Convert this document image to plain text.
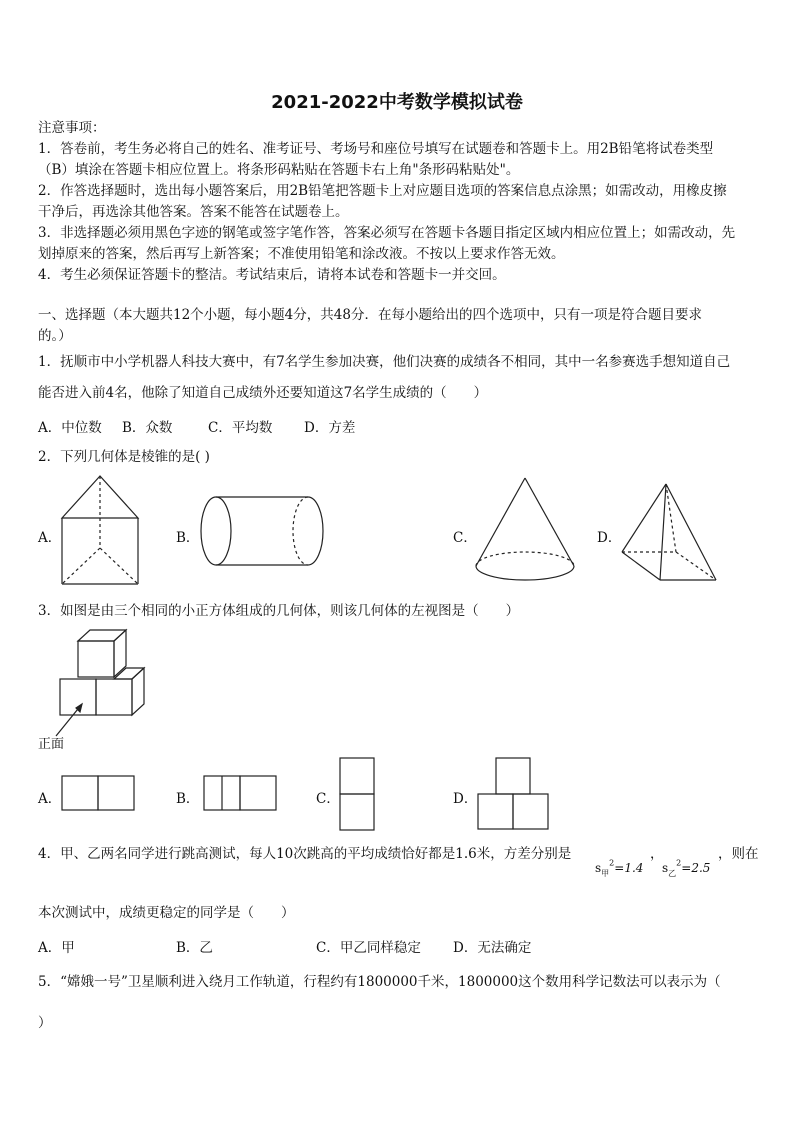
2021-2022中考数学模拟试卷
注意事项：
1．答卷前，考生务必将自己的姓名、准考证号、考场号和座位号填写在试题卷和答题卡上。用2B铅笔将试卷类型
（B）填涂在答题卡相应位置上。将条形码粘贴在答题卡右上角"条形码粘贴处"。
2．作答选择题时，选出每小题答案后，用2B铅笔把答题卡上对应题目选项的答案信息点涂黑；如需改动，用橡皮擦
干净后，再选涂其他答案。答案不能答在试题卷上。
3．非选择题必须用黑色字迹的钢笔或签字笔作答，答案必须写在答题卡各题目指定区域内相应位置上；如需改动，先
划掉原来的答案，然后再写上新答案；不准使用铅笔和涂改液。不按以上要求作答无效。
4．考生必须保证答题卡的整洁。考试结束后，请将本试卷和答题卡一并交回。
一、选择题（本大题共12个小题，每小题4分，共48分．在每小题给出的四个选项中，只有一项是符合题目要求
的。）
1．抚顺市中小学机器人科技大赛中，有7名学生参加决赛，他们决赛的成绩各不相同，其中一名参赛选手想知道自己
能否进入前4名，他除了知道自己成绩外还要知道这7名学生成绩的（　　）
A．中位数 B．众数	C．平均数 D．方差
2．下列几何体是棱锥的是( )
A．	B．	C．	D．
3．如图是由三个相同的小正方体组成的几何体，则该几何体的左视图是（　　）
正面
A．	B．	C．	D．
4．甲、乙两名同学进行跳高测试，每人10次跳高的平均成绩恰好都是1.6米，方差分别是
$s_甲^2=1.4$
，
$s_乙^2=2.5$
，则在
本次测试中，成绩更稳定的同学是（　　）
A．甲	B．乙	C．甲乙同样稳定 D．无法确定
5．“嫦娥一号”卫星顺利进入绕月工作轨道，行程约有1800000千米，1800000这个数用科学记数法可以表示为（
）
